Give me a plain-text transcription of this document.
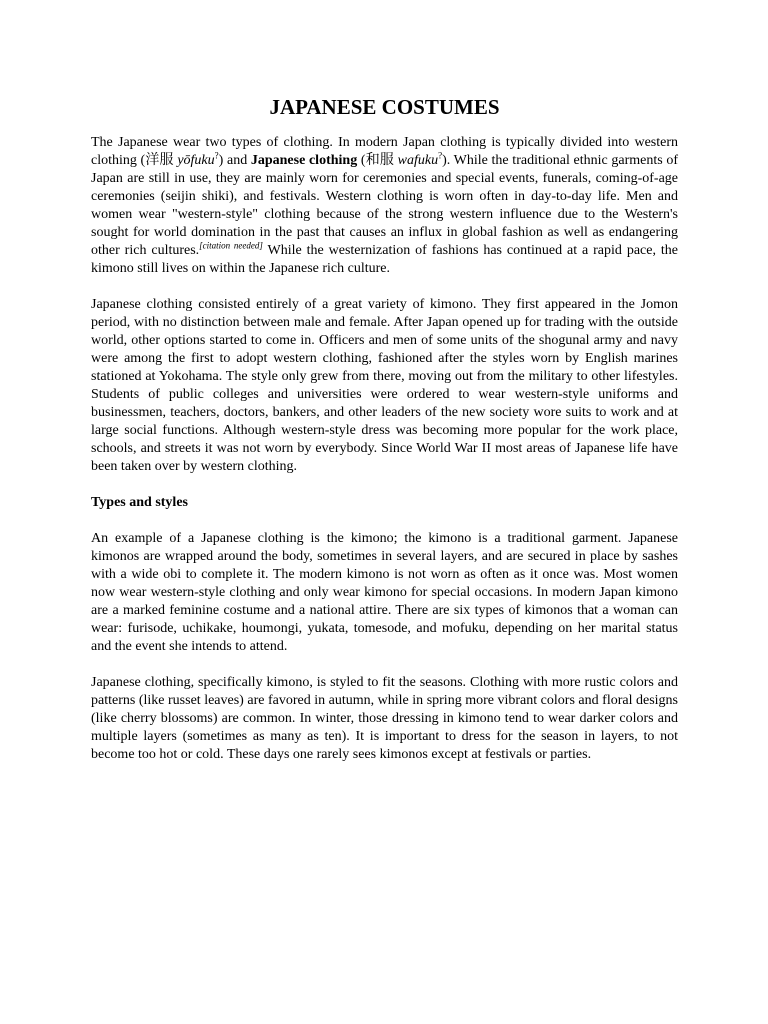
JAPANESE COSTUMES

The Japanese wear two types of clothing. In modern Japan clothing is typically divided into western clothing (洋服 yōfuku?) and Japanese clothing (和服 wafuku?). While the traditional ethnic garments of Japan are still in use, they are mainly worn for ceremonies and special events, funerals, coming-of-age ceremonies (seijin shiki), and festivals. Western clothing is worn often in day-to-day life. Men and women wear "western-style" clothing because of the strong western influence due to the Western's sought for world domination in the past that causes an influx in global fashion as well as endangering other rich cultures.[citation needed] While the westernization of fashions has continued at a rapid pace, the kimono still lives on within the Japanese rich culture.

Japanese clothing consisted entirely of a great variety of kimono. They first appeared in the Jomon period, with no distinction between male and female. After Japan opened up for trading with the outside world, other options started to come in. Officers and men of some units of the shogunal army and navy were among the first to adopt western clothing, fashioned after the styles worn by English marines stationed at Yokohama. The style only grew from there, moving out from the military to other lifestyles. Students of public colleges and universities were ordered to wear western-style uniforms and businessmen, teachers, doctors, bankers, and other leaders of the new society wore suits to work and at large social functions. Although western-style dress was becoming more popular for the work place, schools, and streets it was not worn by everybody. Since World War II most areas of Japanese life have been taken over by western clothing.

Types and styles

An example of a Japanese clothing is the kimono; the kimono is a traditional garment. Japanese kimonos are wrapped around the body, sometimes in several layers, and are secured in place by sashes with a wide obi to complete it. The modern kimono is not worn as often as it once was. Most women now wear western-style clothing and only wear kimono for special occasions. In modern Japan kimono are a marked feminine costume and a national attire. There are six types of kimonos that a woman can wear: furisode, uchikake, houmongi, yukata, tomesode, and mofuku, depending on her marital status and the event she intends to attend.

Japanese clothing, specifically kimono, is styled to fit the seasons. Clothing with more rustic colors and patterns (like russet leaves) are favored in autumn, while in spring more vibrant colors and floral designs (like cherry blossoms) are common. In winter, those dressing in kimono tend to wear darker colors and multiple layers (sometimes as many as ten). It is important to dress for the season in layers, to not become too hot or cold. These days one rarely sees kimonos except at festivals or parties.
